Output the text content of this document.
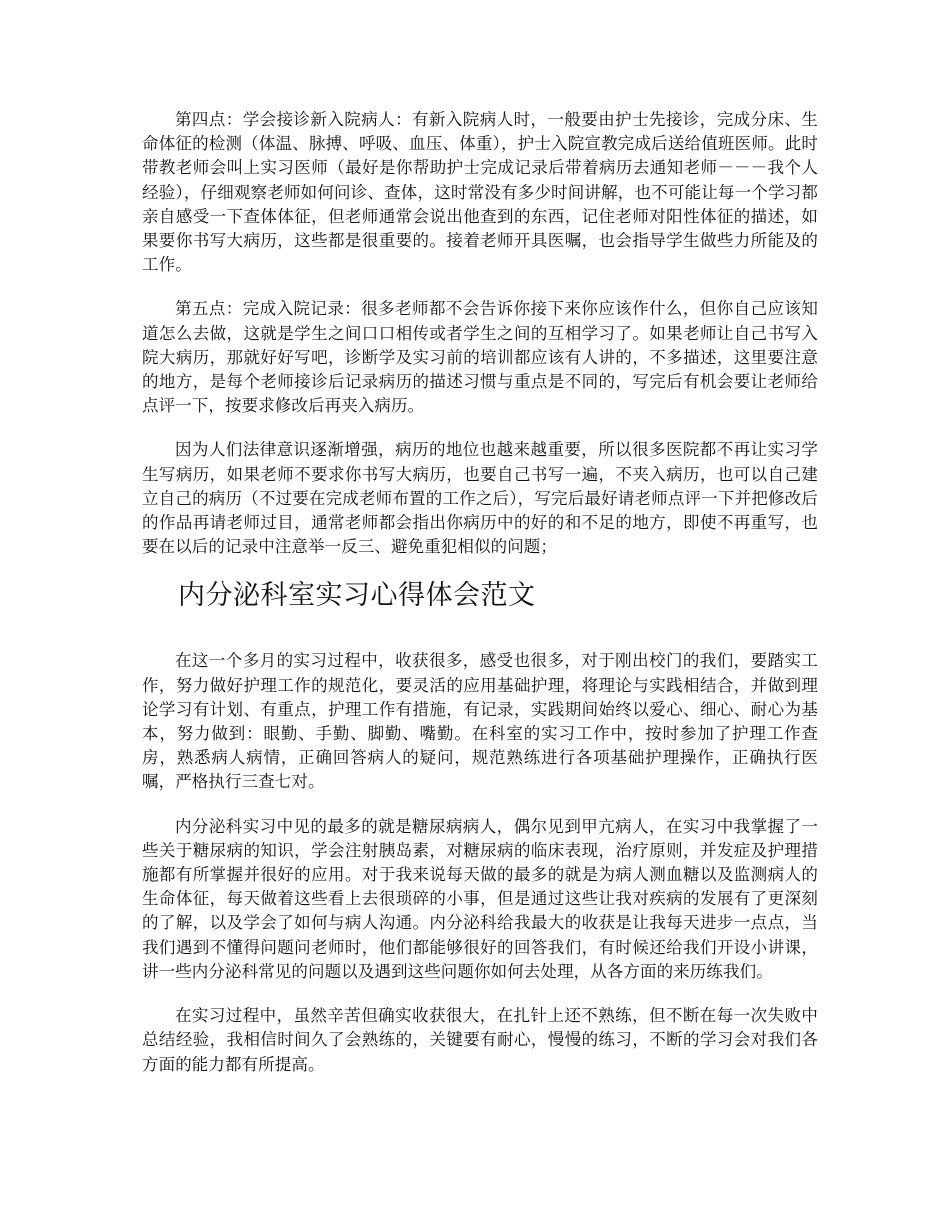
第四点：学会接诊新入院病人：有新入院病人时，一般要由护士先接诊，完成分床、生命体征的检测（体温、脉搏、呼吸、血压、体重），护士入院宣教完成后送给值班医师。此时带教老师会叫上实习医师（最好是你帮助护士完成记录后带着病历去通知老师－－－我个人经验），仔细观察老师如何问诊、查体，这时常没有多少时间讲解，也不可能让每一个学习都亲自感受一下查体体征，但老师通常会说出他查到的东西，记住老师对阳性体征的描述，如果要你书写大病历，这些都是很重要的。接着老师开具医嘱，也会指导学生做些力所能及的工作。

第五点：完成入院记录：很多老师都不会告诉你接下来你应该作什么，但你自己应该知道怎么去做，这就是学生之间口口相传或者学生之间的互相学习了。如果老师让自己书写入院大病历，那就好好写吧，诊断学及实习前的培训都应该有人讲的，不多描述，这里要注意的地方，是每个老师接诊后记录病历的描述习惯与重点是不同的，写完后有机会要让老师给点评一下，按要求修改后再夹入病历。

因为人们法律意识逐渐增强，病历的地位也越来越重要，所以很多医院都不再让实习学生写病历，如果老师不要求你书写大病历，也要自己书写一遍，不夹入病历，也可以自己建立自己的病历（不过要在完成老师布置的工作之后），写完后最好请老师点评一下并把修改后的作品再请老师过目，通常老师都会指出你病历中的好的和不足的地方，即使不再重写，也要在以后的记录中注意举一反三、避免重犯相似的问题；

内分泌科室实习心得体会范文

在这一个多月的实习过程中，收获很多，感受也很多，对于刚出校门的我们，要踏实工作，努力做好护理工作的规范化，要灵活的应用基础护理，将理论与实践相结合，并做到理论学习有计划、有重点，护理工作有措施，有记录，实践期间始终以爱心、细心、耐心为基本，努力做到：眼勤、手勤、脚勤、嘴勤。在科室的实习工作中，按时参加了护理工作查房，熟悉病人病情，正确回答病人的疑问，规范熟练进行各项基础护理操作，正确执行医嘱，严格执行三查七对。

内分泌科实习中见的最多的就是糖尿病病人，偶尔见到甲亢病人，在实习中我掌握了一些关于糖尿病的知识，学会注射胰岛素，对糖尿病的临床表现，治疗原则，并发症及护理措施都有所掌握并很好的应用。对于我来说每天做的最多的就是为病人测血糖以及监测病人的生命体征，每天做着这些看上去很琐碎的小事，但是通过这些让我对疾病的发展有了更深刻的了解，以及学会了如何与病人沟通。内分泌科给我最大的收获是让我每天进步一点点，当我们遇到不懂得问题问老师时，他们都能够很好的回答我们，有时候还给我们开设小讲课，讲一些内分泌科常见的问题以及遇到这些问题你如何去处理，从各方面的来历练我们。

在实习过程中，虽然辛苦但确实收获很大，在扎针上还不熟练，但不断在每一次失败中总结经验，我相信时间久了会熟练的，关键要有耐心，慢慢的练习，不断的学习会对我们各方面的能力都有所提高。
